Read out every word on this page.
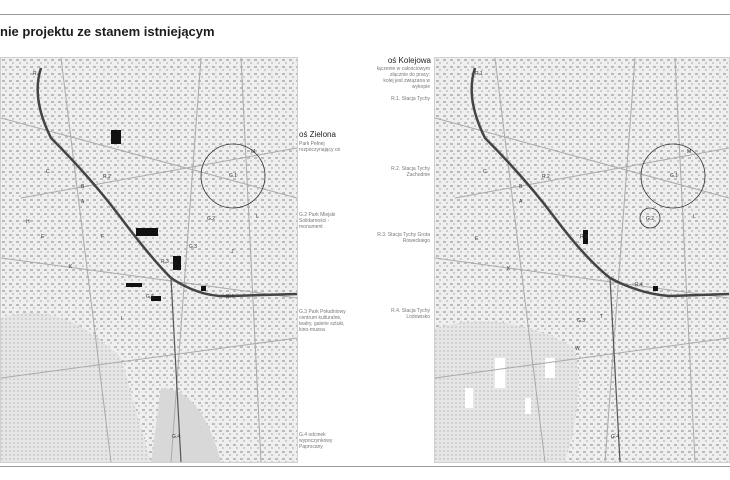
nie projektu ze stanem istniejącym
R.1
R.2
R.3
R.4
G.1
G.2
G.3
G.4
G.5
B
C
K
J
E	F
H
I
A
L
M
oś Zielona
Park Pełnej
rozpoczynający oś
G.2 Park Miejski
Solidarności -
monument
G.3 Park Południowy
centrum kulturalne,
teatry, galerie sztuki,
kino-muzea
G.4 odcinek
wypoczynkowy
Paprocany
oś Kolejowa
łączenie w całościowym
złącznie do pracy:
kolej jest związana w
wykopie
R.1. Stacja Tychy
R.2. Stacja Tychy
Zachodnie
R.3. Stacja Tychy Grota
Roweckiego
R.4. Stacja Tychy
Lodowisko
R.1
R.2
R.3
R.4
G.1
G.2
G.3
G.4
B
C
K
W
E
T
A
L
M
